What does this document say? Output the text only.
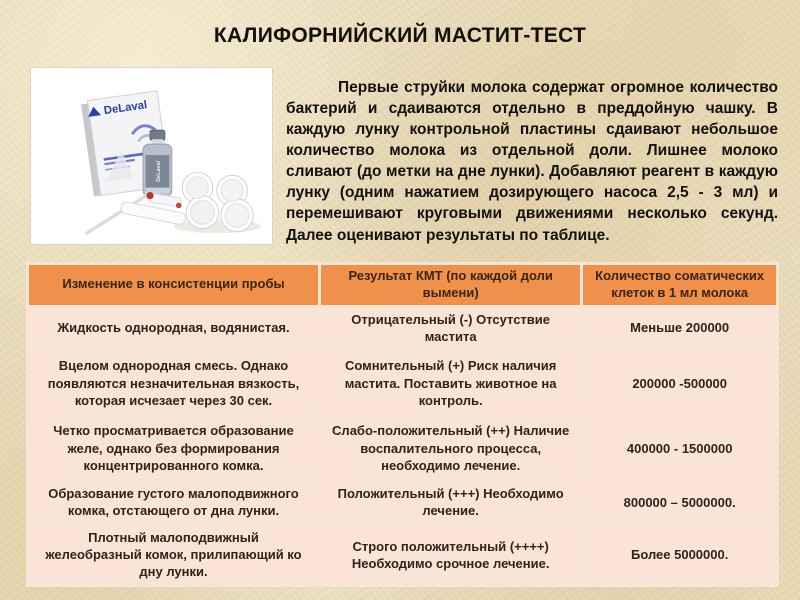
КАЛИФОРНИЙСКИЙ МАСТИТ-ТЕСТ
DeLaval
DeLaval
Первые струйки молока содержат огромное количество бактерий и сдаиваются отдельно в преддойную чашку. В каждую лунку контрольной пластины сдаивают небольшое количество молока из отдельной доли. Лишнее молоко сливают (до метки на дне лунки). Добавляют реагент в каждую лунку (одним нажатием дозирующего насоса 2,5 - 3 мл) и перемешивают круговыми движениями несколько секунд. Далее оценивают результаты по таблице.
Изменение в консистенции пробы	Результат КМТ (по каждой доли вымени)	Количество соматических клеток в 1 мл молока
Жидкость однородная, водянистая.	Отрицательный (-) Отсутствие мастита	Меньше 200000
Вцелом однородная смесь. Однако появляются незначительная вязкость, которая исчезает через 30 сек.	Сомнительный (+) Риск наличия мастита. Поставить животное на контроль.	200000 -500000
Четко просматривается образование желе, однако без формирования концентрированного комка.	Слабо-положительный (++) Наличие воспалительного процесса, необходимо лечение.	400000 - 1500000
Образование густого малоподвижного комка, отстающего от дна лунки.	Положительный (+++) Необходимо лечение.	800000 – 5000000.
Плотный малоподвижный желеобразный комок, прилипающий ко дну лунки.	Строго положительный (++++) Необходимо срочное лечение.	Более 5000000.
